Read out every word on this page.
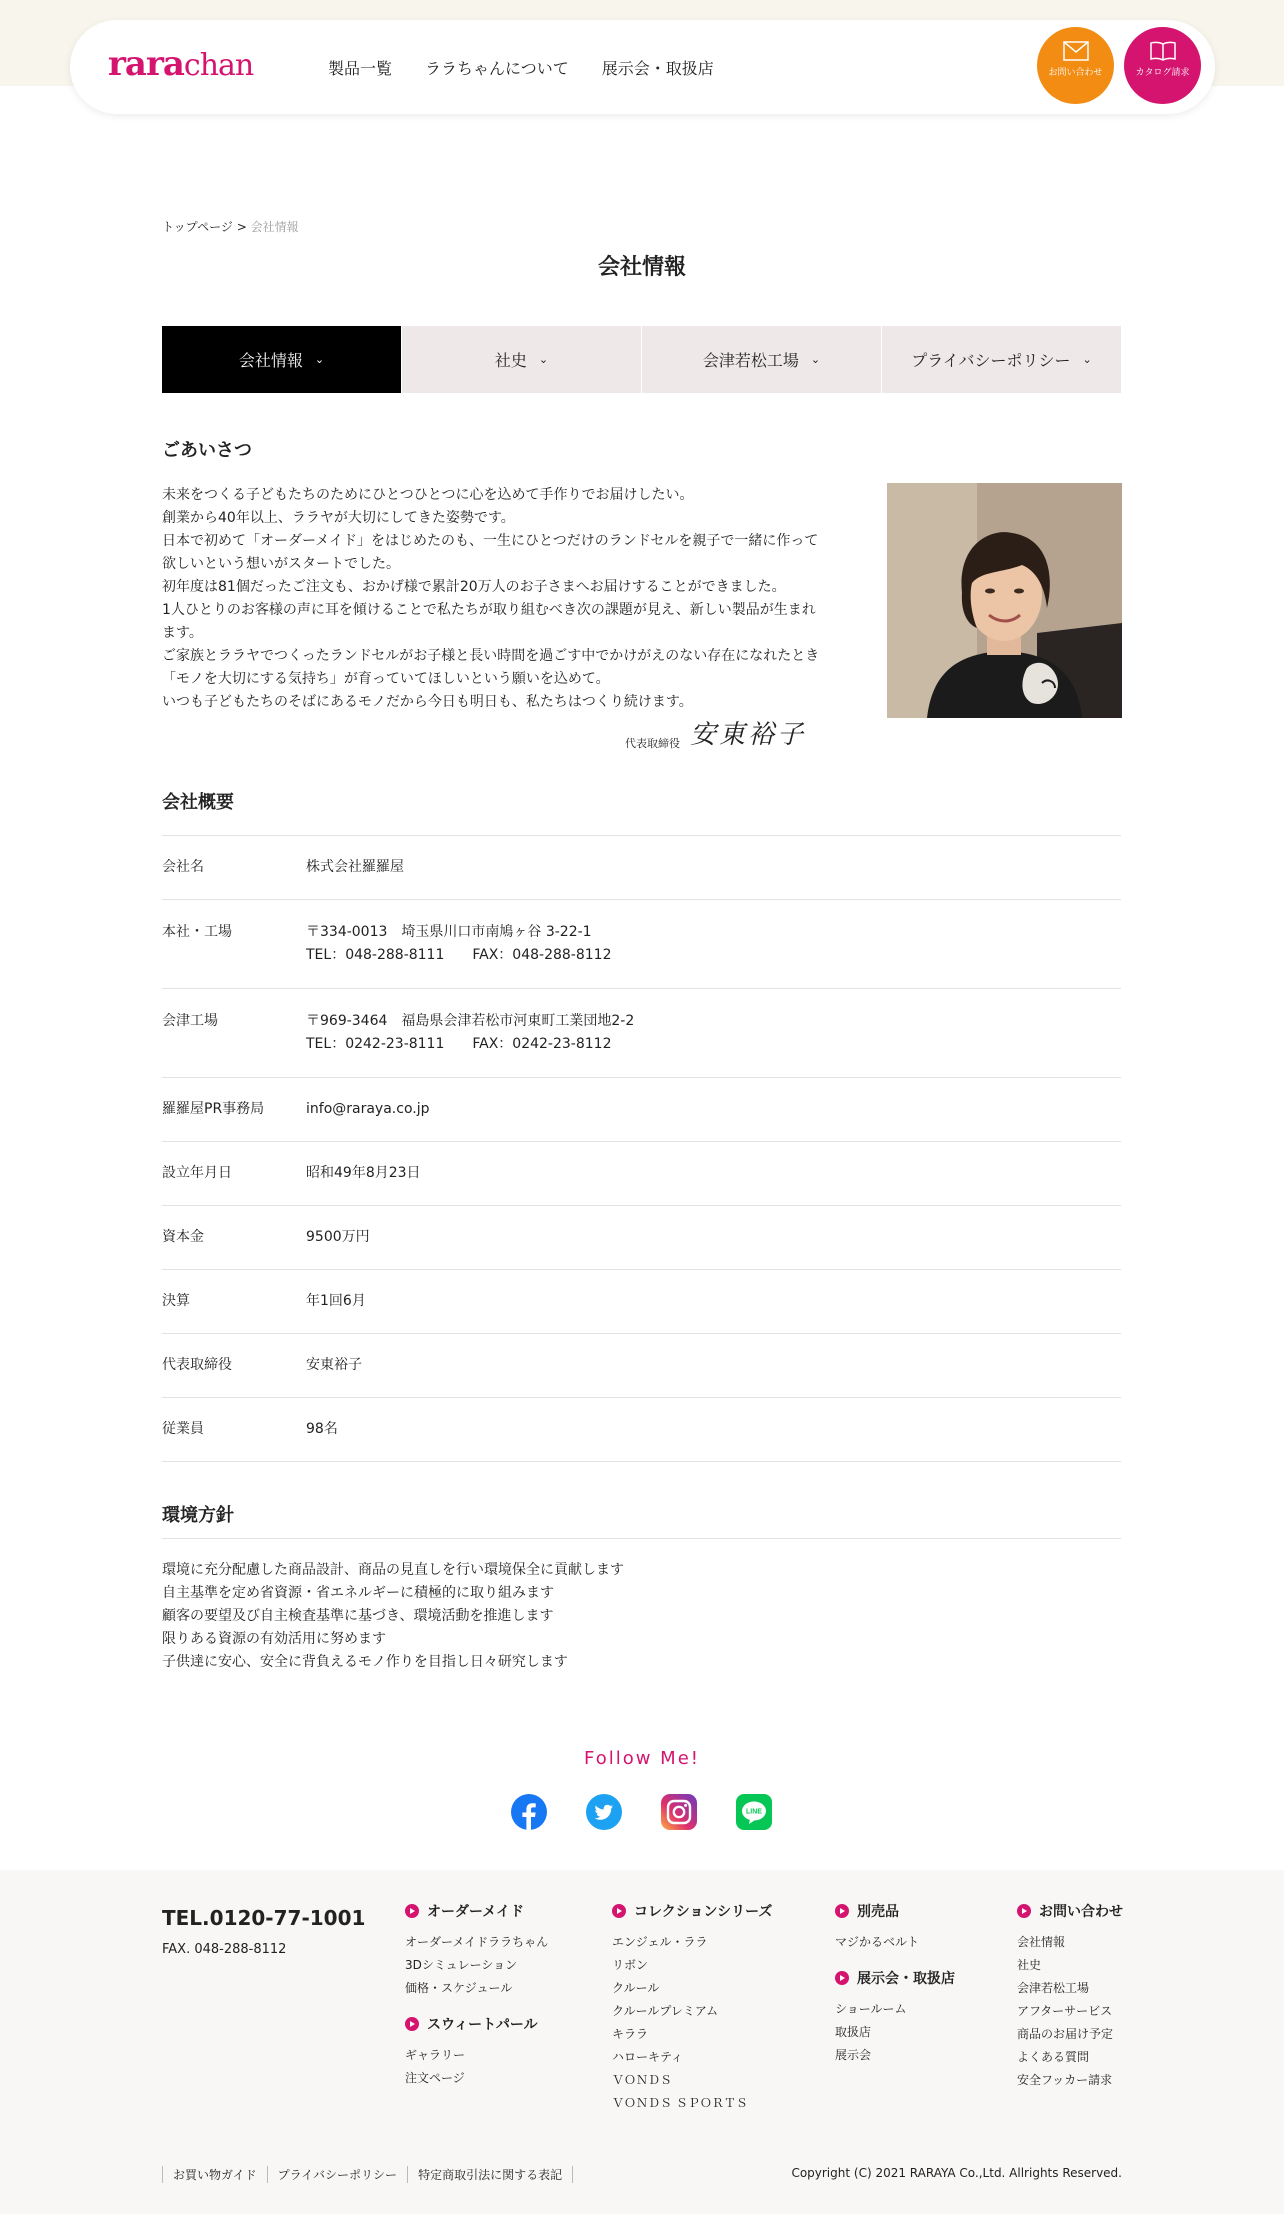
rarachan	製品一覧 ララちゃんについて 展示会・取扱店	お問い合わせ	カタログ請求
トップページ > 会社情報
会社情報
会社情報 ⌄	社史 ⌄	会津若松工場 ⌄	プライバシーポリシー ⌄
ごあいさつ
未来をつくる子どもたちのためにひとつひとつに心を込めて手作りでお届けしたい。
創業から40年以上、ララヤが大切にしてきた姿勢です。
日本で初めて「オーダーメイド」をはじめたのも、一生にひとつだけのランドセルを親子で一緒に作って欲しいという想いがスタートでした。
初年度は81個だったご注文も、おかげ様で累計20万人のお子さまへお届けすることができました。
1人ひとりのお客様の声に耳を傾けることで私たちが取り組むべき次の課題が見え、新しい製品が生まれます。
ご家族とララヤでつくったランドセルがお子様と長い時間を過ごす中でかけがえのない存在になれたとき「モノを大切にする気持ち」が育っていてほしいという願いを込めて。
いつも子どもたちのそばにあるモノだから今日も明日も、私たちはつくり続けます。
代表取締役 安東裕子
会社概要
会社名	株式会社羅羅屋
本社・工場	〒334-0013　埼玉県川口市南鳩ヶ谷 3-22-1
TEL：048-288-8111　　FAX：048-288-8112
会津工場	〒969-3464　福島県会津若松市河東町工業団地2-2
TEL：0242-23-8111　　FAX：0242-23-8112
羅羅屋PR事務局	info@raraya.co.jp
設立年月日	昭和49年8月23日
資本金	9500万円
決算	年1回6月
代表取締役	安東裕子
従業員	98名
環境方針
環境に充分配慮した商品設計、商品の見直しを行い環境保全に貢献します
自主基準を定め省資源・省エネルギーに積極的に取り組みます
顧客の要望及び自主検査基準に基づき、環境活動を推進します
限りある資源の有効活用に努めます
子供達に安心、安全に背負えるモノ作りを目指し日々研究します
Follow Me!
LINE
TEL.0120-77-1001
FAX. 048-288-8112
オーダーメイド
オーダーメイドララちゃん
3Dシミュレーション
価格・スケジュール
スウィートパール
ギャラリー
注文ページ
コレクションシリーズ
エンジェル・ララ
リボン
クルール
クルールプレミアム
キララ
ハローキティ
ＶＯＮＤＳ
ＶＯＮＤＳ ＳＰＯＲＴＳ
別売品
マジかるベルト
展示会・取扱店
ショールーム
取扱店
展示会
お問い合わせ
会社情報
社史
会津若松工場
アフターサービス
商品のお届け予定
よくある質問
安全フッカー請求
お買い物ガイド	プライバシーポリシー	特定商取引法に関する表記	Copyright (C) 2021 RARAYA Co.,Ltd. Allrights Reserved.
